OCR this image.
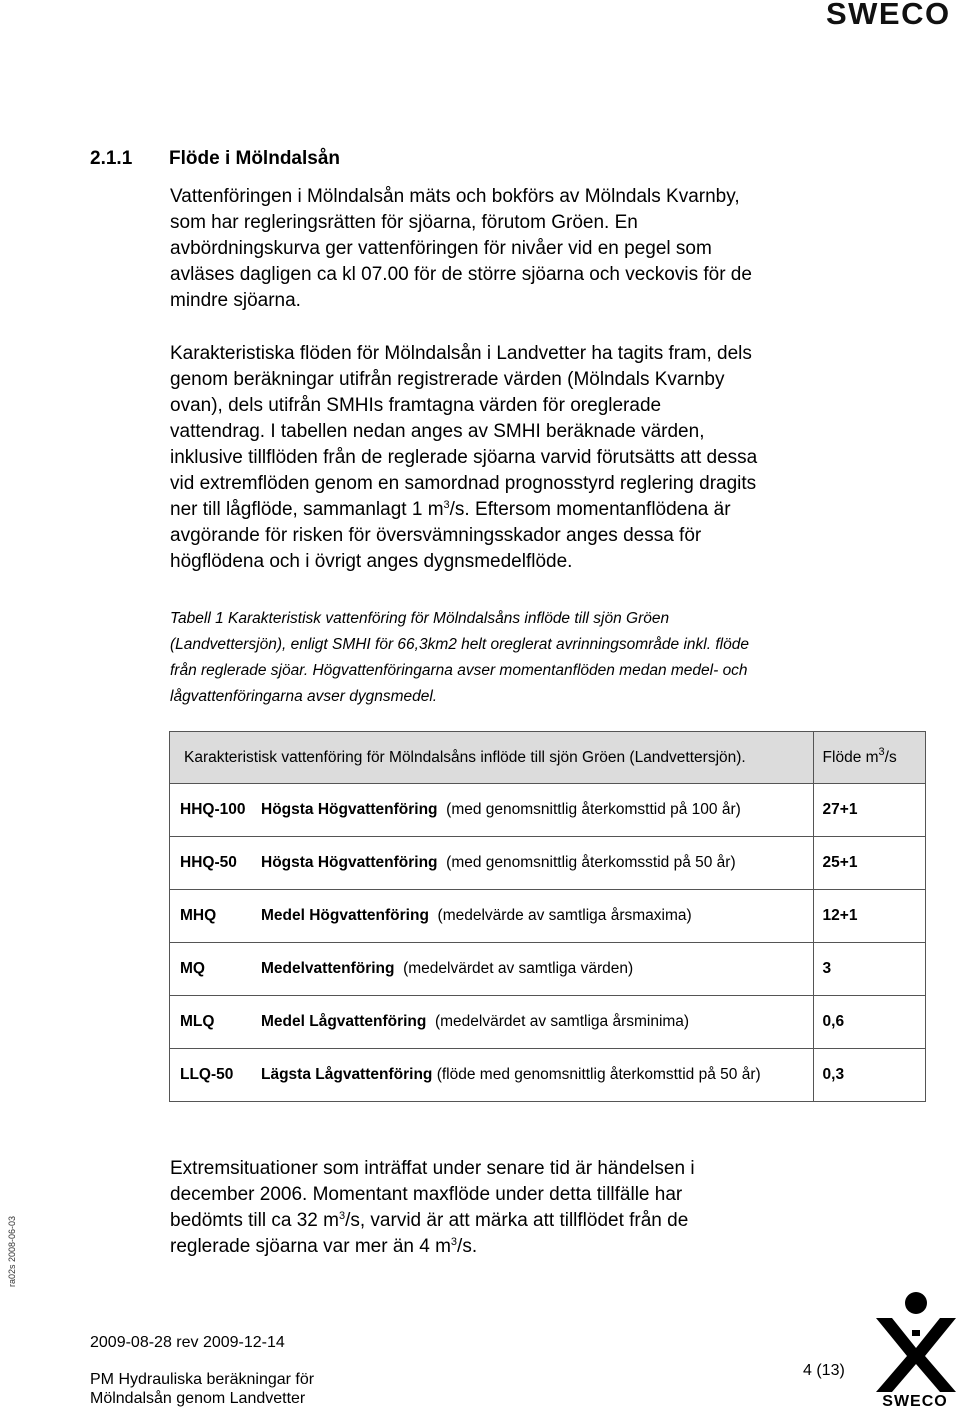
SWECO
2.1.1 Flöde i Mölndalsån

Vattenföringen i Mölndalsån mäts och bokförs av Mölndals Kvarnby,

som har regleringsrätten för sjöarna, förutom Gröen. En

avbördningskurva ger vattenföringen för nivåer vid en pegel som

avläses dagligen ca kl 07.00 för de större sjöarna och veckovis för de

mindre sjöarna.

Karakteristiska flöden för Mölndalsån i Landvetter ha tagits fram, dels

genom beräkningar utifrån registrerade värden (Mölndals Kvarnby

ovan), dels utifrån SMHIs framtagna värden för oreglerade

vattendrag. I tabellen nedan anges av SMHI beräknade värden,

inklusive tillflöden från de reglerade sjöarna varvid förutsätts att dessa

vid extremflöden genom en samordnad prognosstyrd reglering dragits

ner till lågflöde, sammanlagt 1 $m^3/s$. Eftersom momentanflödena är

avgörande för risken för översvämningsskador anges dessa för

högflödena och i övrigt anges dygnsmedelflöde.

Tabell 1 Karakteristisk vattenföring för Mölndalsåns inflöde till sjön Gröen

(Landvettersjön), enligt SMHI för 66,3km2 helt oreglerat avrinningsområde inkl. flöde

från reglerade sjöar. Högvattenföringarna avser momentanflöden medan medel- och

lågvattenföringarna avser dygnsmedel.

Karakteristisk vattenföring för Mölndalsåns inflöde till sjön Gröen (Landvettersjön).	Flöde $m^3/s$
HHQ-100 Högsta Högvattenföring (med genomsnittlig återkomsttid på 100 år)	27+1
HHQ-50 Högsta Högvattenföring (med genomsnittlig återkomsstid på 50 år)	25+1
MHQ Medel Högvattenföring (medelvärde av samtliga årsmaxima)	12+1
MQ Medelvattenföring (medelvärdet av samtliga värden)	3
MLQ Medel Lågvattenföring (medelvärdet av samtliga årsminima)	0,6
LLQ-50 Lägsta Lågvattenföring (flöde med genomsnittlig återkomsttid på 50 år)	0,3

Extremsituationer som inträffat under senare tid är händelsen i

december 2006. Momentant maxflöde under detta tillfälle har

bedömts till ca 32 $m^3/s$, varvid är att märka att tillflödet från de

reglerade sjöarna var mer än 4 $m^3/s$.

ra02s 2008-06-03
2009-08-28 rev 2009-12-14
PM Hydrauliska beräkningar för
Mölndalsån genom Landvetter
4 (13)
SWECO
